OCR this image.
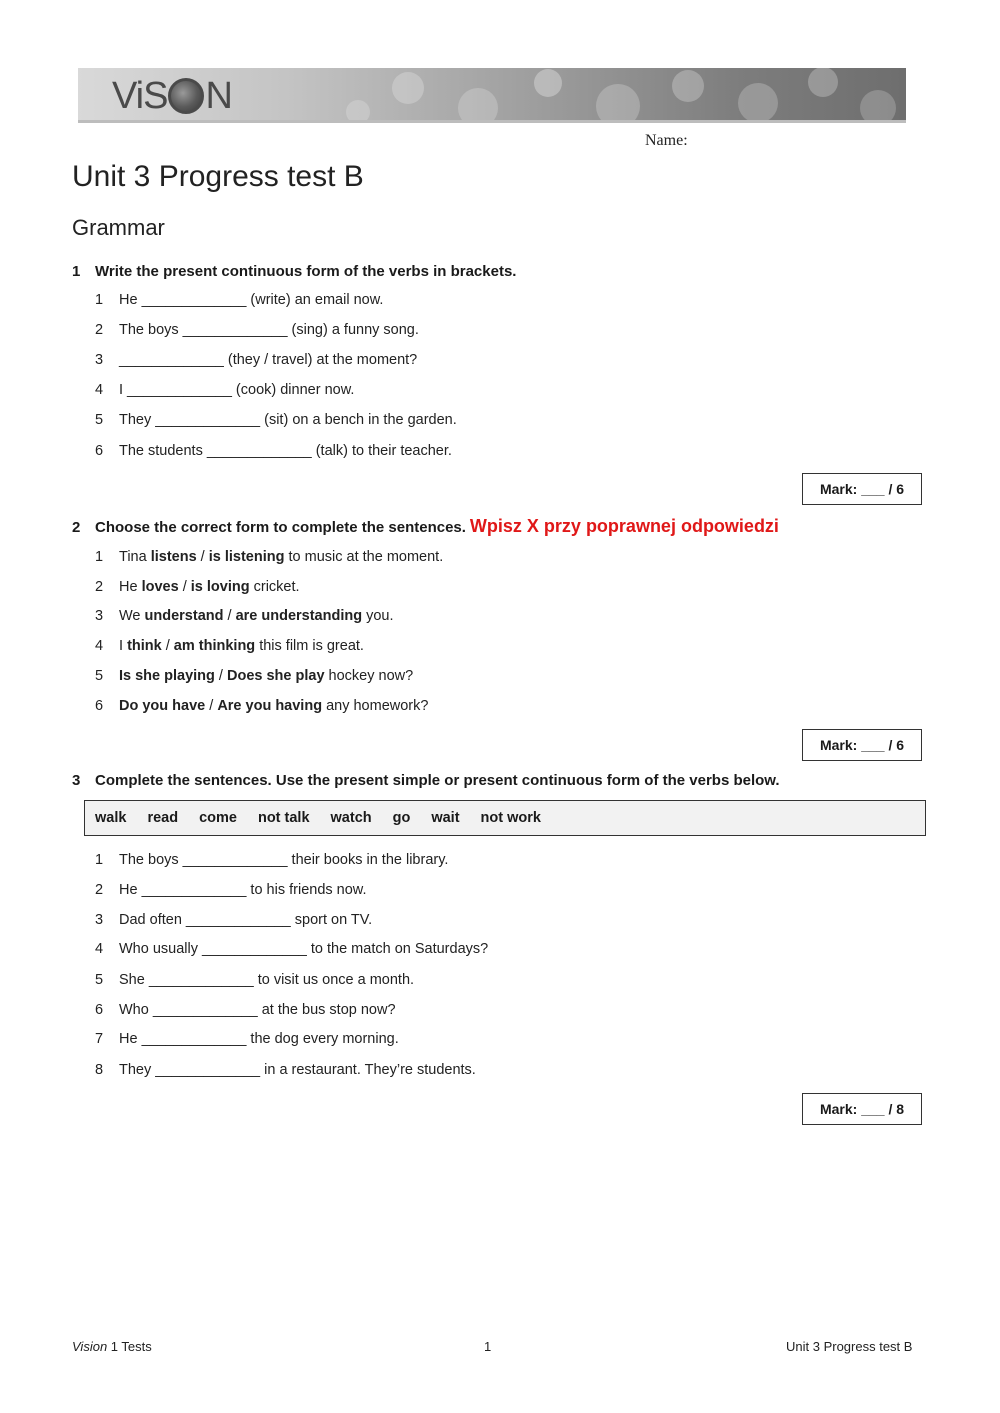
ViS N
Name:
Unit 3 Progress test B
Grammar
1 Write the present continuous form of the verbs in brackets.
1 He _____________ (write) an email now.
2 The boys _____________ (sing) a funny song.
3 _____________ (they / travel) at the moment?
4 I _____________ (cook) dinner now.
5 They _____________ (sit) on a bench in the garden.
6 The students _____________ (talk) to their teacher.
Mark: ___ / 6
2 Choose the correct form to complete the sentences. Wpisz X przy poprawnej odpowiedzi
1 Tina listens / is listening to music at the moment.
2 He loves / is loving cricket.
3 We understand / are understanding you.
4 I think / am thinking this film is great.
5 Is she playing / Does she play hockey now?
6 Do you have / Are you having any homework?
Mark: ___ / 6
3 Complete the sentences. Use the present simple or present continuous form of the verbs below.
walk read come not talk watch go wait not work
1 The boys _____________ their books in the library.
2 He _____________ to his friends now.
3 Dad often _____________ sport on TV.
4 Who usually _____________ to the match on Saturdays?
5 She _____________ to visit us once a month.
6 Who _____________ at the bus stop now?
7 He _____________ the dog every morning.
8 They _____________ in a restaurant. They’re students.
Mark: ___ / 8
Vision 1 Tests	1	Unit 3 Progress test B
